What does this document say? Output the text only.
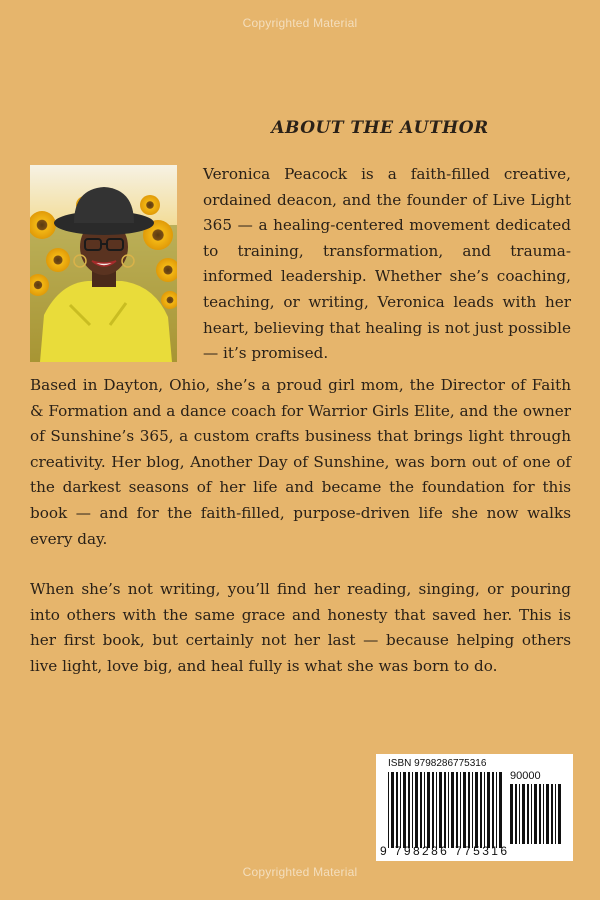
Copyrighted Material
ABOUT THE AUTHOR

Veronica Peacock is a faith-filled creative, ordained deacon, and the founder of Live Light 365 — a healing-centered movement dedicated to training, transformation, and trauma-informed leadership. Whether she’s coaching, teaching, or writing, Veronica leads with her heart, believing that healing is not just possible — it’s promised.

Based in Dayton, Ohio, she’s a proud girl mom, the Director of Faith & Formation and a dance coach for Warrior Girls Elite, and the owner of Sunshine’s 365, a custom crafts business that brings light through creativity. Her blog, Another Day of Sunshine, was born out of one of the darkest seasons of her life and became the foundation for this book — and for the faith-filled, purpose-driven life she now walks every day.

When she’s not writing, you’ll find her reading, singing, or pouring into others with the same grace and honesty that saved her. This is her first book, but certainly not her last — because helping others live light, love big, and heal fully is what she was born to do.

ISBN 9798286775316
90000
9 798286 775316
Copyrighted Material
